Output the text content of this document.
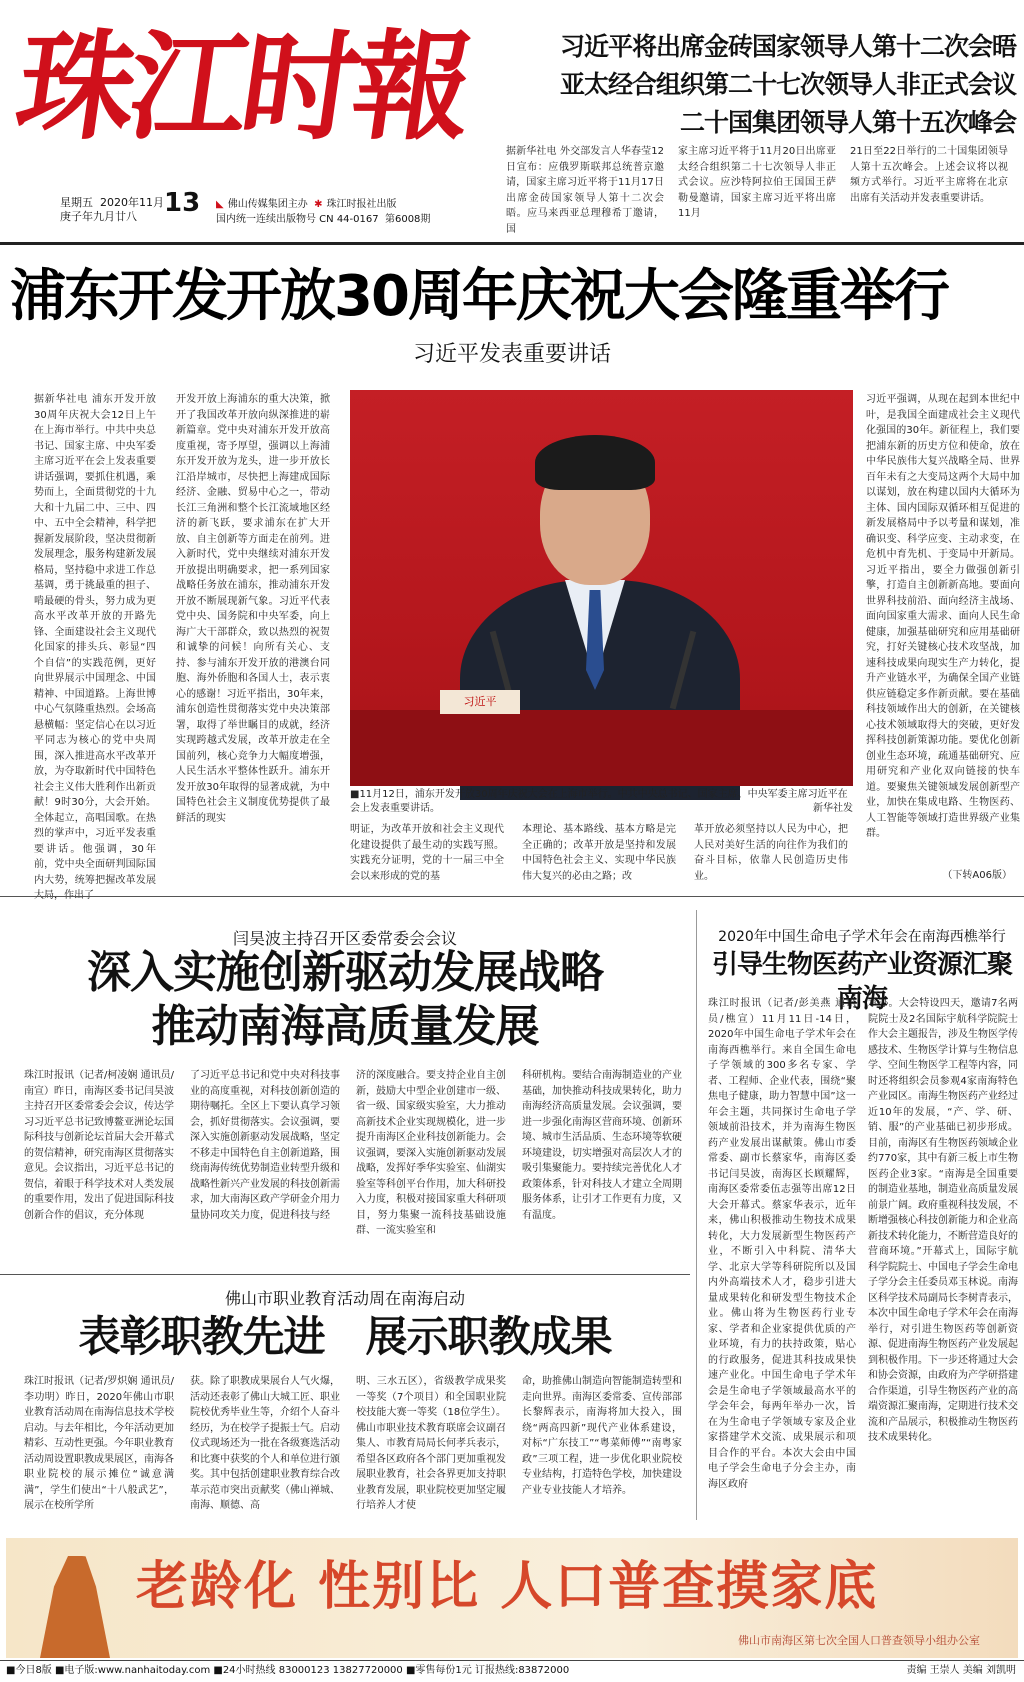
珠江时報
星期五 2020年11月
庚子年九月廿八	13 ◣ 佛山传媒集团主办 ✱ 珠江时报社出版
国内统一连续出版物号 CN 44-0167 第6008期
习近平将出席金砖国家领导人第十二次会晤
亚太经合组织第二十七次领导人非正式会议
二十国集团领导人第十五次峰会
据新华社电 外交部发言人华春莹12日宣布：应俄罗斯联邦总统普京邀请，国家主席习近平将于11月17日出席金砖国家领导人第十二次会晤。应马来西亚总理穆希丁邀请，国
家主席习近平将于11月20日出席亚太经合组织第二十七次领导人非正式会议。应沙特阿拉伯王国国王萨勒曼邀请，国家主席习近平将出席11月
21日至22日举行的二十国集团领导人第十五次峰会。上述会议将以视频方式举行。习近平主席将在北京出席有关活动并发表重要讲话。
浦东开发开放30周年庆祝大会隆重举行
习近平发表重要讲话
据新华社电 浦东开发开放30周年庆祝大会12日上午在上海市举行。中共中央总书记、国家主席、中央军委主席习近平在会上发表重要讲话强调，要抓住机遇，乘势而上，全面贯彻党的十九大和十九届二中、三中、四中、五中全会精神，科学把握新发展阶段，坚决贯彻新发展理念，服务构建新发展格局，坚持稳中求进工作总基调，勇于挑最重的担子、啃最硬的骨头，努力成为更高水平改革开放的开路先锋、全面建设社会主义现代化国家的排头兵、彰显“四个自信”的实践范例，更好向世界展示中国理念、中国精神、中国道路。上海世博中心气氛隆重热烈。会场高悬横幅：坚定信心在以习近平同志为核心的党中央周围，深入推进高水平改革开放，为夺取新时代中国特色社会主义伟大胜利作出新贡献！9时30分，大会开始。全体起立，高唱国歌。在热烈的掌声中，习近平发表重要讲话。他强调，30年前，党中央全面研判国际国内大势，统筹把握改革发展
开发开放上海浦东的重大决策，掀开了我国改革开放向纵深推进的崭新篇章。党中央对浦东开发开放高度重视，寄予厚望，强调以上海浦东开发开放为龙头，进一步开放长江沿岸城市，尽快把上海建成国际经济、金融、贸易中心之一，带动长江三角洲和整个长江流域地区经济的新飞跃，要求浦东在扩大开放、自主创新等方面走在前列。进入新时代，党中央继续对浦东开发开放提出明确要求，把一系列国家战略任务放在浦东，推动浦东开发开放不断展现新气象。习近平代表党中央、国务院和中央军委，向上海广大干部群众，致以热烈的祝贺和诚挚的问候！向所有关心、支持、参与浦东开发开放的港澳台同胞、海外侨胞和各国人士，表示衷心的感谢！习近平指出，30年来，浦东创造性贯彻落实党中央决策部署，取得了举世瞩目的成就，经济实现跨越式发展，改革开放走在全国前列，核心竞争力大幅度增强，人民生活水平整体性跃升。浦东开发开放30年取得的显著成就，为中国特色社会主义制度优势提供了最鲜活的现实
习近平
■11月12日，浦东开发开放30周年庆祝大会在上海市举行。中共中央总书记、国家主席、中央军委主席习近平在会上发表重要讲话。	新华社发
明证，为改革开放和社会主义现代化建设提供了最生动的实践写照。实践充分证明，党的十一届三中全会以来形成的党的基
本理论、基本路线、基本方略是完全正确的；改革开放是坚持和发展中国特色社会主义、实现中华民族伟大复兴的必由之路；改
革开放必须坚持以人民为中心，把人民对美好生活的向往作为我们的奋斗目标，依靠人民创造历史伟业。
习近平强调，从现在起到本世纪中叶，是我国全面建成社会主义现代化强国的30年。新征程上，我们要把浦东新的历史方位和使命，放在中华民族伟大复兴战略全局、世界百年未有之大变局这两个大局中加以谋划，放在构建以国内大循环为主体、国内国际双循环相互促进的新发展格局中予以考量和谋划，准确识变、科学应变、主动求变，在危机中育先机、于变局中开新局。习近平指出，要全力做强创新引擎，打造自主创新新高地。要面向世界科技前沿、面向经济主战场、面向国家重大需求、面向人民生命健康，加强基础研究和应用基础研究，打好关键核心技术攻坚战，加速科技成果向现实生产力转化，提升产业链水平，为确保全国产业链供应链稳定多作新贡献。要在基础科技领域作出大的创新，在关键核心技术领域取得大的突破，更好发挥科技创新策源功能。要优化创新创业生态环境，疏通基础研究、应用研究和产业化双向链接的快车道。要聚焦关键领域发展创新型产业，加快在集成电路、生物医药、人工智能等领域打造世界级产业集群。
（下转A06版）
闫昊波主持召开区委常委会会议
深入实施创新驱动发展战略
推动南海高质量发展
珠江时报讯（记者/柯凌娴 通讯员/南宣）昨日，南海区委书记闫昊波主持召开区委常委会会议，传达学习习近平总书记致博鳌亚洲论坛国际科技与创新论坛首届大会开幕式的贺信精神，研究南海区贯彻落实意见。会议指出，习近平总书记的贺信，着眼于科学技术对人类发展的重要作用，发出了促进国际科技创新合作的倡议，充分体现
了习近平总书记和党中央对科技事业的高度重视，对科技创新创造的期待嘱托。全区上下要认真学习领会，抓好贯彻落实。会议强调，要深入实施创新驱动发展战略，坚定不移走中国特色自主创新道路，围绕南海传统优势制造业转型升级和战略性新兴产业发展的科技创新需求，加大南海区政产学研金介用力量协同攻关力度，促进科技与经
济的深度融合。要支持企业自主创新，鼓励大中型企业创建市一级、省一级、国家级实验室，大力推动高新技术企业实现规模化，进一步提升南海区企业科技创新能力。会议强调，要深入实施创新驱动发展战略，发挥好季华实验室、仙湖实验室等科创平台作用，加大科研投入力度，积极对接国家重大科研项目，努力集聚一流科技基础设施群、一流实验室和
科研机构。要结合南海制造业的产业基础，加快推动科技成果转化，助力南海经济高质量发展。会议强调，要进一步强化南海区营商环境、创新环境、城市生活品质、生态环境等软硬环境建设，切实增强对高层次人才的吸引集聚能力。要持续完善优化人才政策体系，针对科技人才建立全周期服务体系，让引才工作更有力度，又有温度。
2020年中国生命电子学术年会在南海西樵举行
引导生物医药产业资源汇聚南海
珠江时报讯（记者/彭美燕 通讯员/樵宣）11月11日-14日，2020年中国生命电子学术年会在南海西樵举行。来自全国生命电子学领域的300多名专家、学者、工程师、企业代表，围绕“聚焦电子健康，助力智慧中国”这一年会主题，共同探讨生命电子学领域前沿技术，并为南海生物医药产业发展出谋献策。佛山市委常委、副市长蔡家华，南海区委书记闫昊波，南海区长顾耀辉，南海区委常委伍志强等出席12日大会开幕式。蔡家华表示，近年来，佛山积极推动生物技术成果转化，大力发展新型生物医药产业，不断引入中科院、清华大学、北京大学等科研院所以及国内外高端技术人才，稳步引进大量成果转化和研发型生物技术企业。佛山将为生物医药行业专家、学者和企业家提供优质的产业环境，有力的扶持政策，贴心的行政服务，促进其科技成果快速产业化。中国生命电子学术年会是生命电子学领域最高水平的学会年会，每两年举办一次，旨在为生命电子学领域专家及企业家搭建学术交流、成果展示和项目合作的平台。本次大会由中国电子学会生命电子分会主办，南海区政府
承办。大会特设四天，邀请7名两院院士及2名国际宇航科学院院士作大会主题报告，涉及生物医学传感技术、生物医学计算与生物信息学、空间生物医学工程等内容，同时还将组织会员参观4家南海特色产业园区。南海生物医药产业经过近10年的发展，“产、学、研、销、服”的产业基础已初步形成。目前，南海区有生物医药领域企业约770家，其中有新三板上市生物医药企业3家。“南海是全国重要的制造业基地，制造业高质量发展前景广阔。政府重视科技发展，不断增强核心科技创新能力和企业高新技术转化能力，不断营造良好的营商环境。”开幕式上，国际宇航科学院院士、中国电子学会生命电子学分会主任委员邓玉林说。南海区科学技术局副局长李树青表示，本次中国生命电子学术年会在南海举行，对引进生物医药等创新资源、促进南海生物医药产业发展起到积极作用。下一步还将通过大会和协会资源，由政府为产学研搭建合作渠道，引导生物医药产业的高端资源汇聚南海，定期进行技术交流和产品展示，积极推动生物医药技术成果转化。
佛山市职业教育活动周在南海启动
表彰职教先进 展示职教成果
珠江时报讯（记者/罗炽娴 通讯员/李功明）昨日，2020年佛山市职业教育活动周在南海信息技术学校启动。与去年相比，今年活动更加精彩、互动性更强。今年职业教育活动周设置职教成果展区，南海各职业院校的展示摊位“诚意满满”，学生们使出“十八般武艺”，展示在校所学所
获。除了职教成果展台人气火爆，活动还表彰了佛山大城工匠、职业院校优秀毕业生等，介绍个人奋斗经历，为在校学子提振士气。启动仪式现场还为一批在各级赛选活动和比赛中获奖的个人和单位进行颁奖。其中包括创建职业教育综合改革示范市突出贡献奖（佛山禅城、南海、顺德、高
明、三水五区），省级教学成果奖一等奖（7个项目）和全国职业院校技能大赛一等奖（18位学生）。佛山市职业技术教育联席会议副召集人、市教育局局长何孝兵表示，希望各区政府各个部门更加重视发展职业教育，社会各界更加支持职业教育发展，职业院校更加坚定履行培养人才使
命，助推佛山制造向智能制造转型和走向世界。南海区委常委、宣传部部长黎辉表示，南海将加大投入，围绕“两高四新”现代产业体系建设，对标“广东技工”“粤菜师傅”“南粤家政”三项工程，进一步优化职业院校专业结构，打造特色学校，加快建设产业专业技能人才培养。
老龄化 性别比 人口普查摸家底
佛山市南海区第七次全国人口普查领导小组办公室
■今日8版 ■电子版:www.nanhaitoday.com ■24小时热线 83000123 13827720000 ■零售每份1元 订报热线:83872000	责编 王崇人 美编 刘凯明
